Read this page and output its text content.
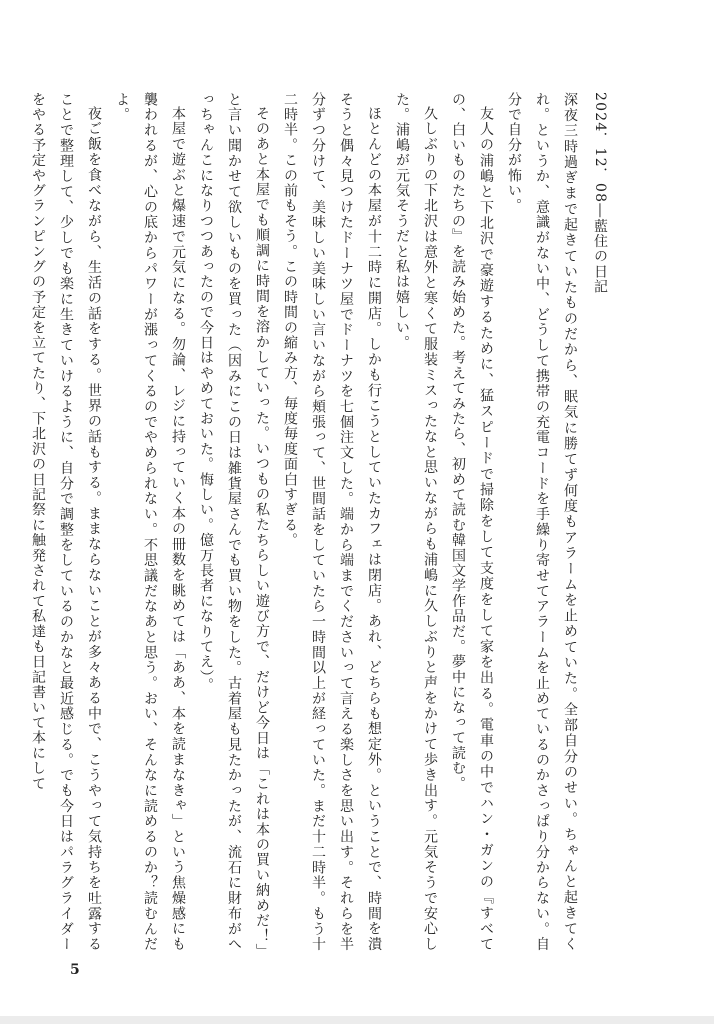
2024．12．08―藍住の日記

深夜三時過ぎまで起きていたものだから、眠気に勝てず何度もアラームを止めていた。全部自分のせい。ちゃんと起きてくれ。というか、意識がない中、どうして携帯の充電コードを手繰り寄せてアラームを止めているのかさっぱり分からない。自分で自分が怖い。

友人の浦嶋と下北沢で豪遊するために、猛スピードで掃除をして支度をして家を出る。電車の中でハン・ガンの『すべての、白いものたちの』を読み始めた。考えてみたら、初めて読む韓国文学作品だ。夢中になって読む。

久しぶりの下北沢は意外と寒くて服装ミスったなと思いながらも浦嶋に久しぶりと声をかけて歩き出す。元気そうで安心した。浦嶋が元気そうだと私は嬉しい。

ほとんどの本屋が十二時に開店。しかも行こうとしていたカフェは閉店。あれ、どちらも想定外。ということで、時間を潰そうと偶々見つけたドーナツ屋でドーナツを七個注文した。端から端までくださいって言える楽しさを思い出す。それらを半分ずつ分けて、美味しい美味しい言いながら頬張って、世間話をしていたら一時間以上が経っていた。まだ十二時半。もう十二時半。この前もそう。この時間の縮み方、毎度毎度面白すぎる。

そのあと本屋でも順調に時間を溶かしていった。いつもの私たちらしい遊び方で、だけど今日は「これは本の買い納めだ！」と言い聞かせて欲しいものを買った（因みにこの日は雑貨屋さんでも買い物をした。古着屋も見たかったが、流石に財布がへっちゃんこになりつつあったので今日はやめておいた。悔しい。億万長者になりてえ）。

本屋で遊ぶと爆速で元気になる。勿論、レジに持っていく本の冊数を眺めては「ああ、本を読まなきゃ」という焦燥感にも襲われるが、心の底からパワーが漲ってくるのでやめられない。不思議だなあと思う。おい、そんなに読めるのか？読むんだよ。

夜ご飯を食べながら、生活の話をする。世界の話もする。ままならないことが多々ある中で、こうやって気持ちを吐露することで整理して、少しでも楽に生きていけるように、自分で調整をしているのかなと最近感じる。でも今日はパラグライダーをやる予定やグランピングの予定を立てたり、下北沢の日記祭に触発されて私達も日記書いて本にして

5
